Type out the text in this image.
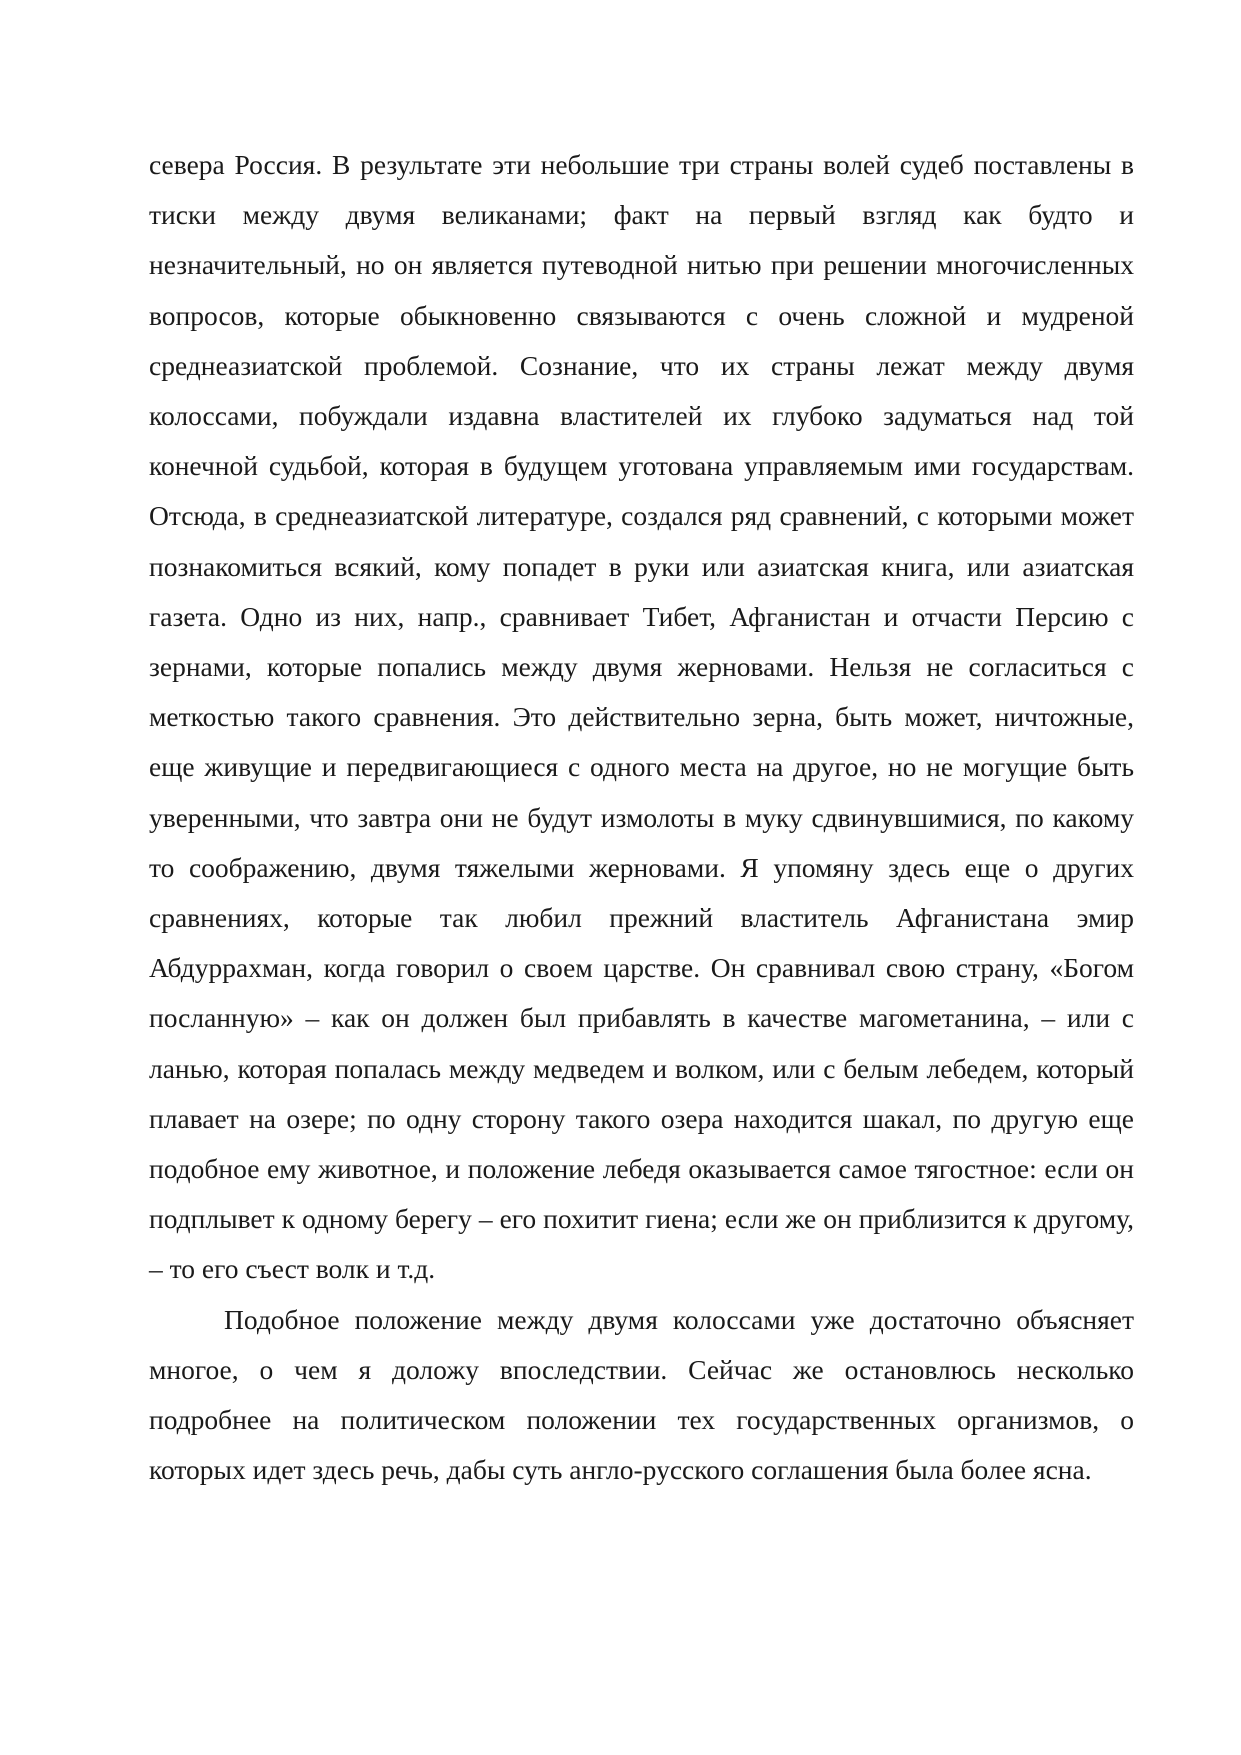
севера Россия. В результате эти небольшие три страны волей судеб поставлены в тиски между двумя великанами; факт на первый взгляд как будто и незначительный, но он является путеводной нитью при решении многочисленных вопросов, которые обыкновенно связываются с очень сложной и мудреной среднеазиатской проблемой. Сознание, что их страны лежат между двумя колоссами, побуждали издавна властителей их глубоко задуматься над той конечной судьбой, которая в будущем уготована управляемым ими государствам. Отсюда, в среднеазиатской литературе, создался ряд сравнений, с которыми может познакомиться всякий, кому попадет в руки или азиатская книга, или азиатская газета. Одно из них, напр., сравнивает Тибет, Афганистан и отчасти Персию с зернами, которые попались между двумя жерновами. Нельзя не согласиться с меткостью такого сравнения. Это действительно зерна, быть может, ничтожные, еще живущие и передвигающиеся с одного места на другое, но не могущие быть уверенными, что завтра они не будут измолоты в муку сдвинувшимися, по какому то соображению, двумя тяжелыми жерновами. Я упомяну здесь еще о других сравнениях, которые так любил прежний властитель Афганистана эмир Абдуррахман, когда говорил о своем царстве. Он сравнивал свою страну, «Богом посланную» – как он должен был прибавлять в качестве магометанина, – или с ланью, которая попалась между медведем и волком, или с белым лебедем, который плавает на озере; по одну сторону такого озера находится шакал, по другую еще подобное ему животное, и положение лебедя оказывается самое тягостное: если он подплывет к одному берегу – его похитит гиена; если же он приблизится к другому, – то его съест волк и т.д.

Подобное положение между двумя колоссами уже достаточно объясняет многое, о чем я доложу впоследствии. Сейчас же остановлюсь несколько подробнее на политическом положении тех государственных организмов, о которых идет здесь речь, дабы суть англо-русского соглашения была более ясна.
